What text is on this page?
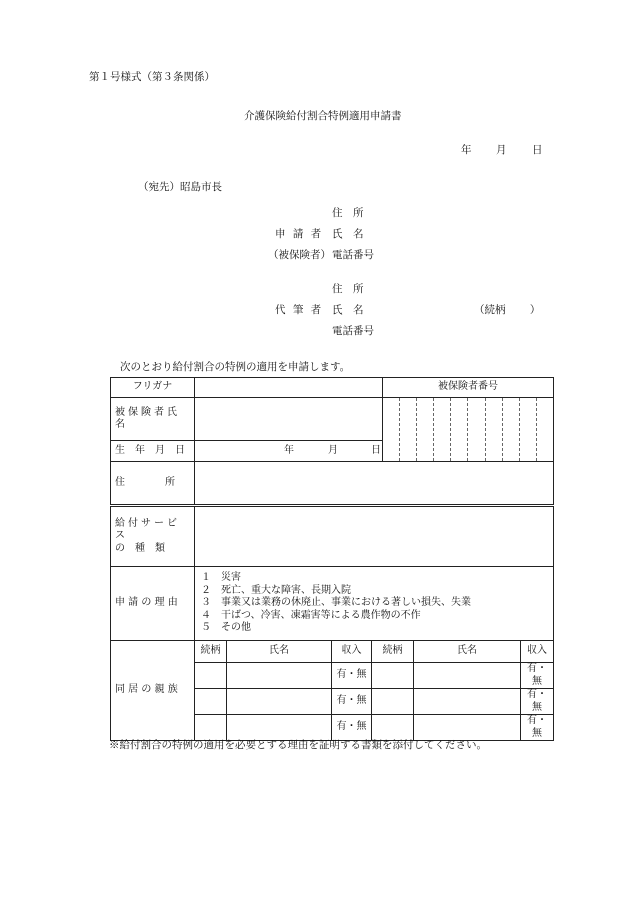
第１号様式（第３条関係）
介護保険給付割合特例適用申請書
年 月 日
（宛先）昭島市長
住　所
申 請 者 氏　名
（被保険者） 電話番号
住　所
代 筆 者 氏　名	（続柄　　 ）
電話番号
次のとおり給付割合の特例の適用を申請します。
フリガナ					被保険者番号		
被保険者氏名							

生　年　月　日	年 月 日						

住　　　　所							

給付サービス
の　種　類							

申 請 の 理 由	１　災害
２　死亡、重大な障害、長期入院
３　事業又は業務の休廃止、事業における著しい損失、失業
４　干ばつ、冷害、凍霜害等による農作物の不作
５　その他						

同 居 の 親 族	続柄	氏名	収入	続柄		氏名	収入
			有・無				有・無
			有・無				有・無
			有・無				有・無
※給付割合の特例の適用を必要とする理由を証明する書類を添付してください。
